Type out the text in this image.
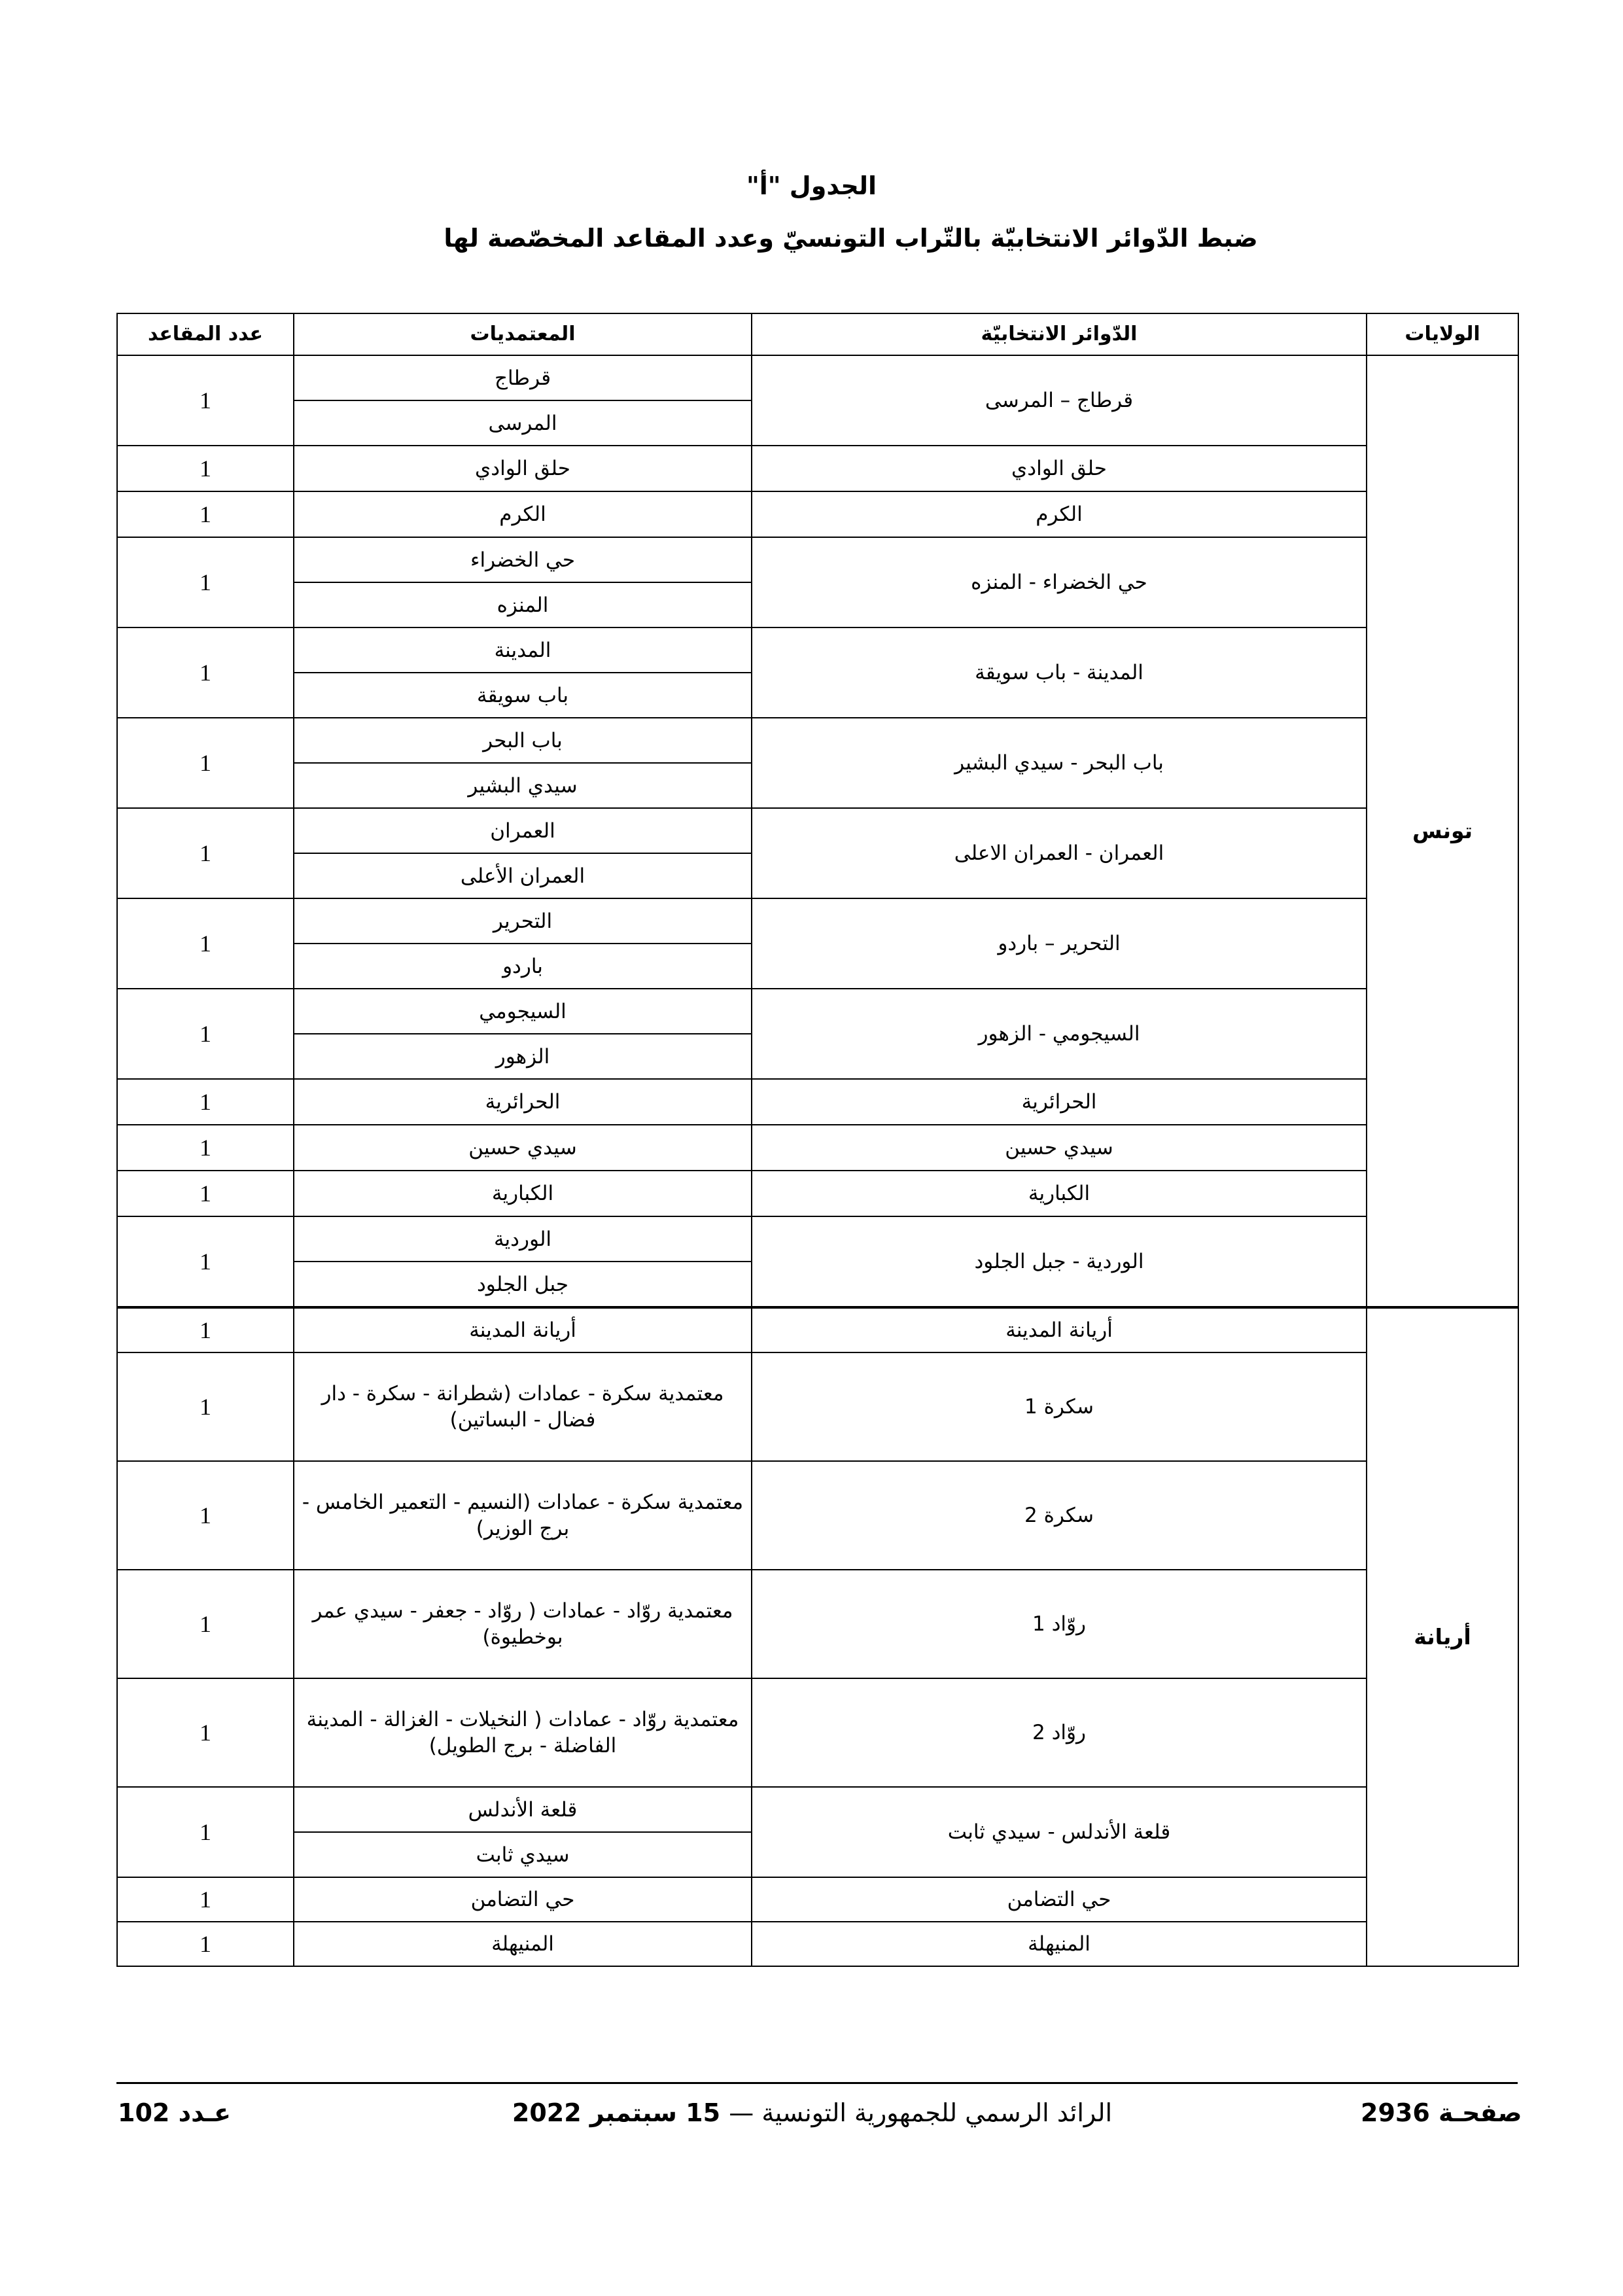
الجدول "أ"
ضبط الدّوائر الانتخابيّة بالتّراب التونسيّ وعدد المقاعد المخصّصة لها
الولايات	الدّوائر الانتخابيّة	المعتمديات	عدد المقاعد
تونس	قرطاج – المرسى	قرطاج	1
		المرسى	
	حلق الوادي	حلق الوادي	1
	الكرم	الكرم	1
	حي الخضراء - المنزه	حي الخضراء	1
		المنزه	
	المدينة - باب سويقة	المدينة	1
		باب سويقة	
	باب البحر - سيدي البشير	باب البحر	1
		سيدي البشير	
	العمران - العمران الاعلى	العمران	1
		العمران الأعلى	
	التحرير – باردو	التحرير	1
		باردو	
	السيجومي - الزهور	السيجومي	1
		الزهور	
	الحرائرية	الحرائرية	1
	سيدي حسين	سيدي حسين	1
	الكبارية	الكبارية	1
	الوردية - جبل الجلود	الوردية	1
		جبل الجلود	
أريانة	أريانة المدينة	أريانة المدينة	1
	سكرة 1	معتمدية سكرة - عمادات (شطرانة - سكرة - دار فضال - البساتين)	1
	سكرة 2	معتمدية سكرة - عمادات (النسيم - التعمير الخامس - برج الوزير)	1
	روّاد 1	معتمدية روّاد - عمادات ( روّاد - جعفر - سيدي عمر بوخطيوة)	1
	روّاد 2	معتمدية روّاد - عمادات ( النخيلات - الغزالة - المدينة الفاضلة - برج الطويل)	1
	قلعة الأندلس - سيدي ثابت	قلعة الأندلس	1
		سيدي ثابت	
	حي التضامن	حي التضامن	1
	المنيهلة	المنيهلة	1
صفحـة 2936
الرائد الرسمي للجمهورية التونسية — 15 سبتمبر 2022
عـدد 102
